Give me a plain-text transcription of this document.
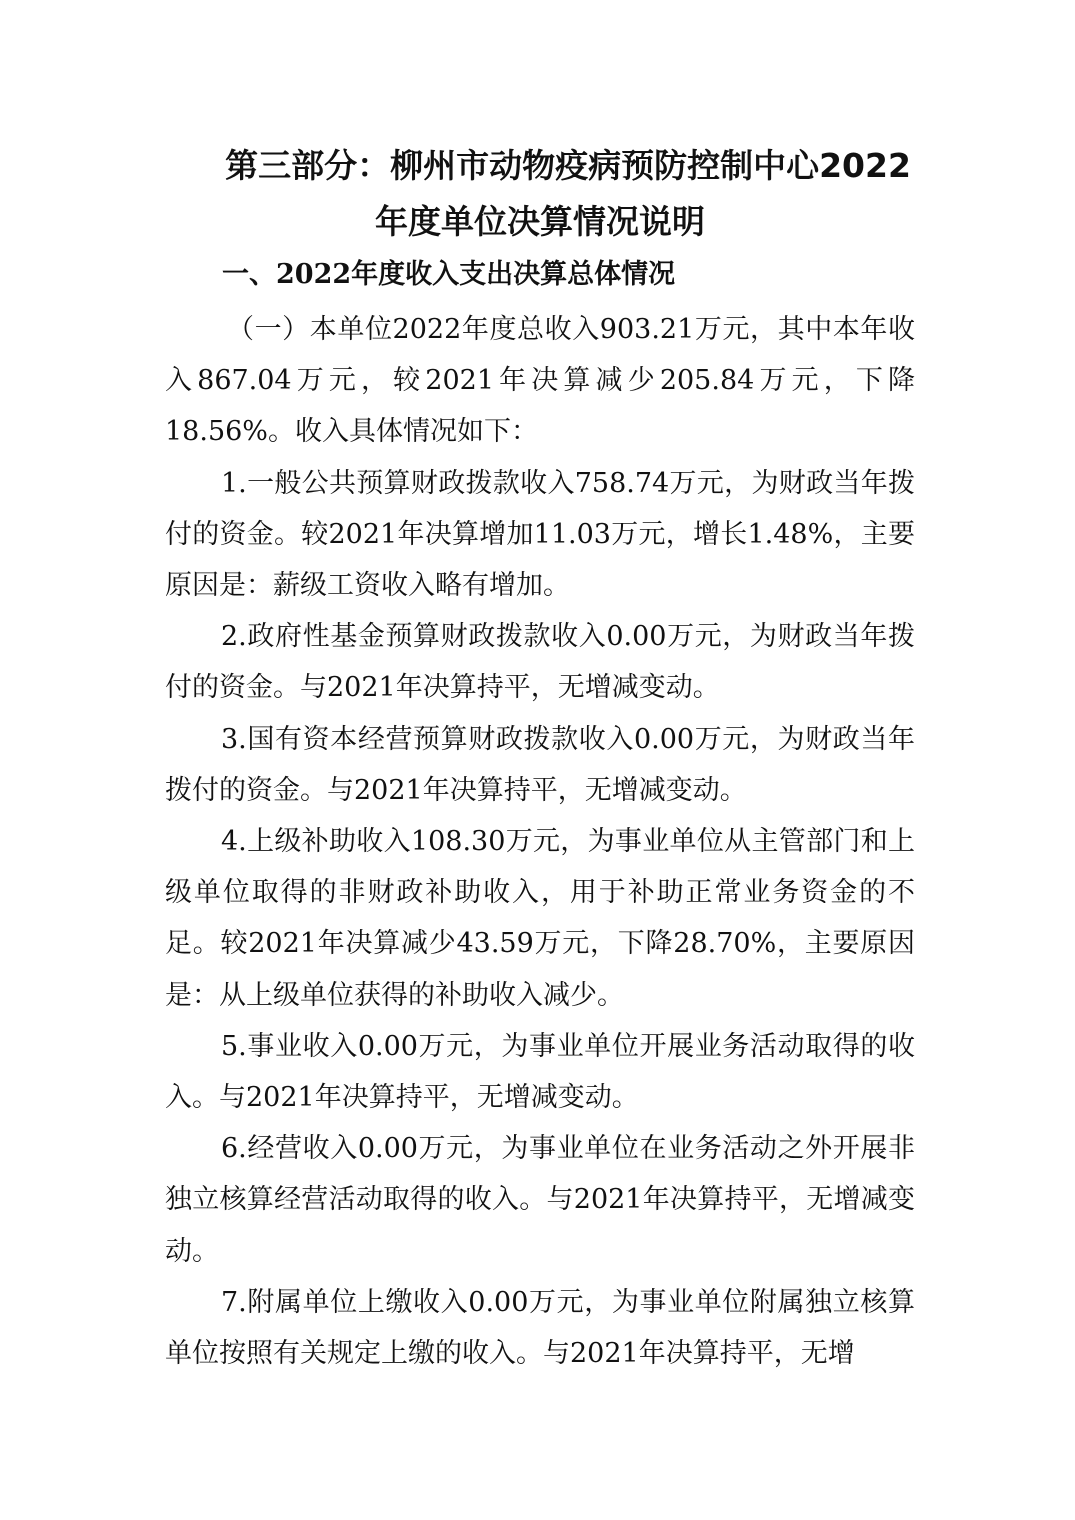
第三部分：柳州市动物疫病预防控制中心2022年度单位决算情况说明
一、2022年度收入支出决算总体情况

（一）本单位2022年度总收入903.21万元，其中本年收入867.04万元，较2021年决算减少205.84万元，下降18.56%。收入具体情况如下：

1.一般公共预算财政拨款收入758.74万元，为财政当年拨付的资金。较2021年决算增加11.03万元，增长1.48%，主要原因是：薪级工资收入略有增加。

2.政府性基金预算财政拨款收入0.00万元，为财政当年拨付的资金。与2021年决算持平，无增减变动。

3.国有资本经营预算财政拨款收入0.00万元，为财政当年拨付的资金。与2021年决算持平，无增减变动。

4.上级补助收入108.30万元，为事业单位从主管部门和上级单位取得的非财政补助收入，用于补助正常业务资金的不足。较2021年决算减少43.59万元，下降28.70%，主要原因是：从上级单位获得的补助收入减少。

5.事业收入0.00万元，为事业单位开展业务活动取得的收入。与2021年决算持平，无增减变动。

6.经营收入0.00万元，为事业单位在业务活动之外开展非独立核算经营活动取得的收入。与2021年决算持平，无增减变动。

7.附属单位上缴收入0.00万元，为事业单位附属独立核算单位按照有关规定上缴的收入。与2021年决算持平，无增
